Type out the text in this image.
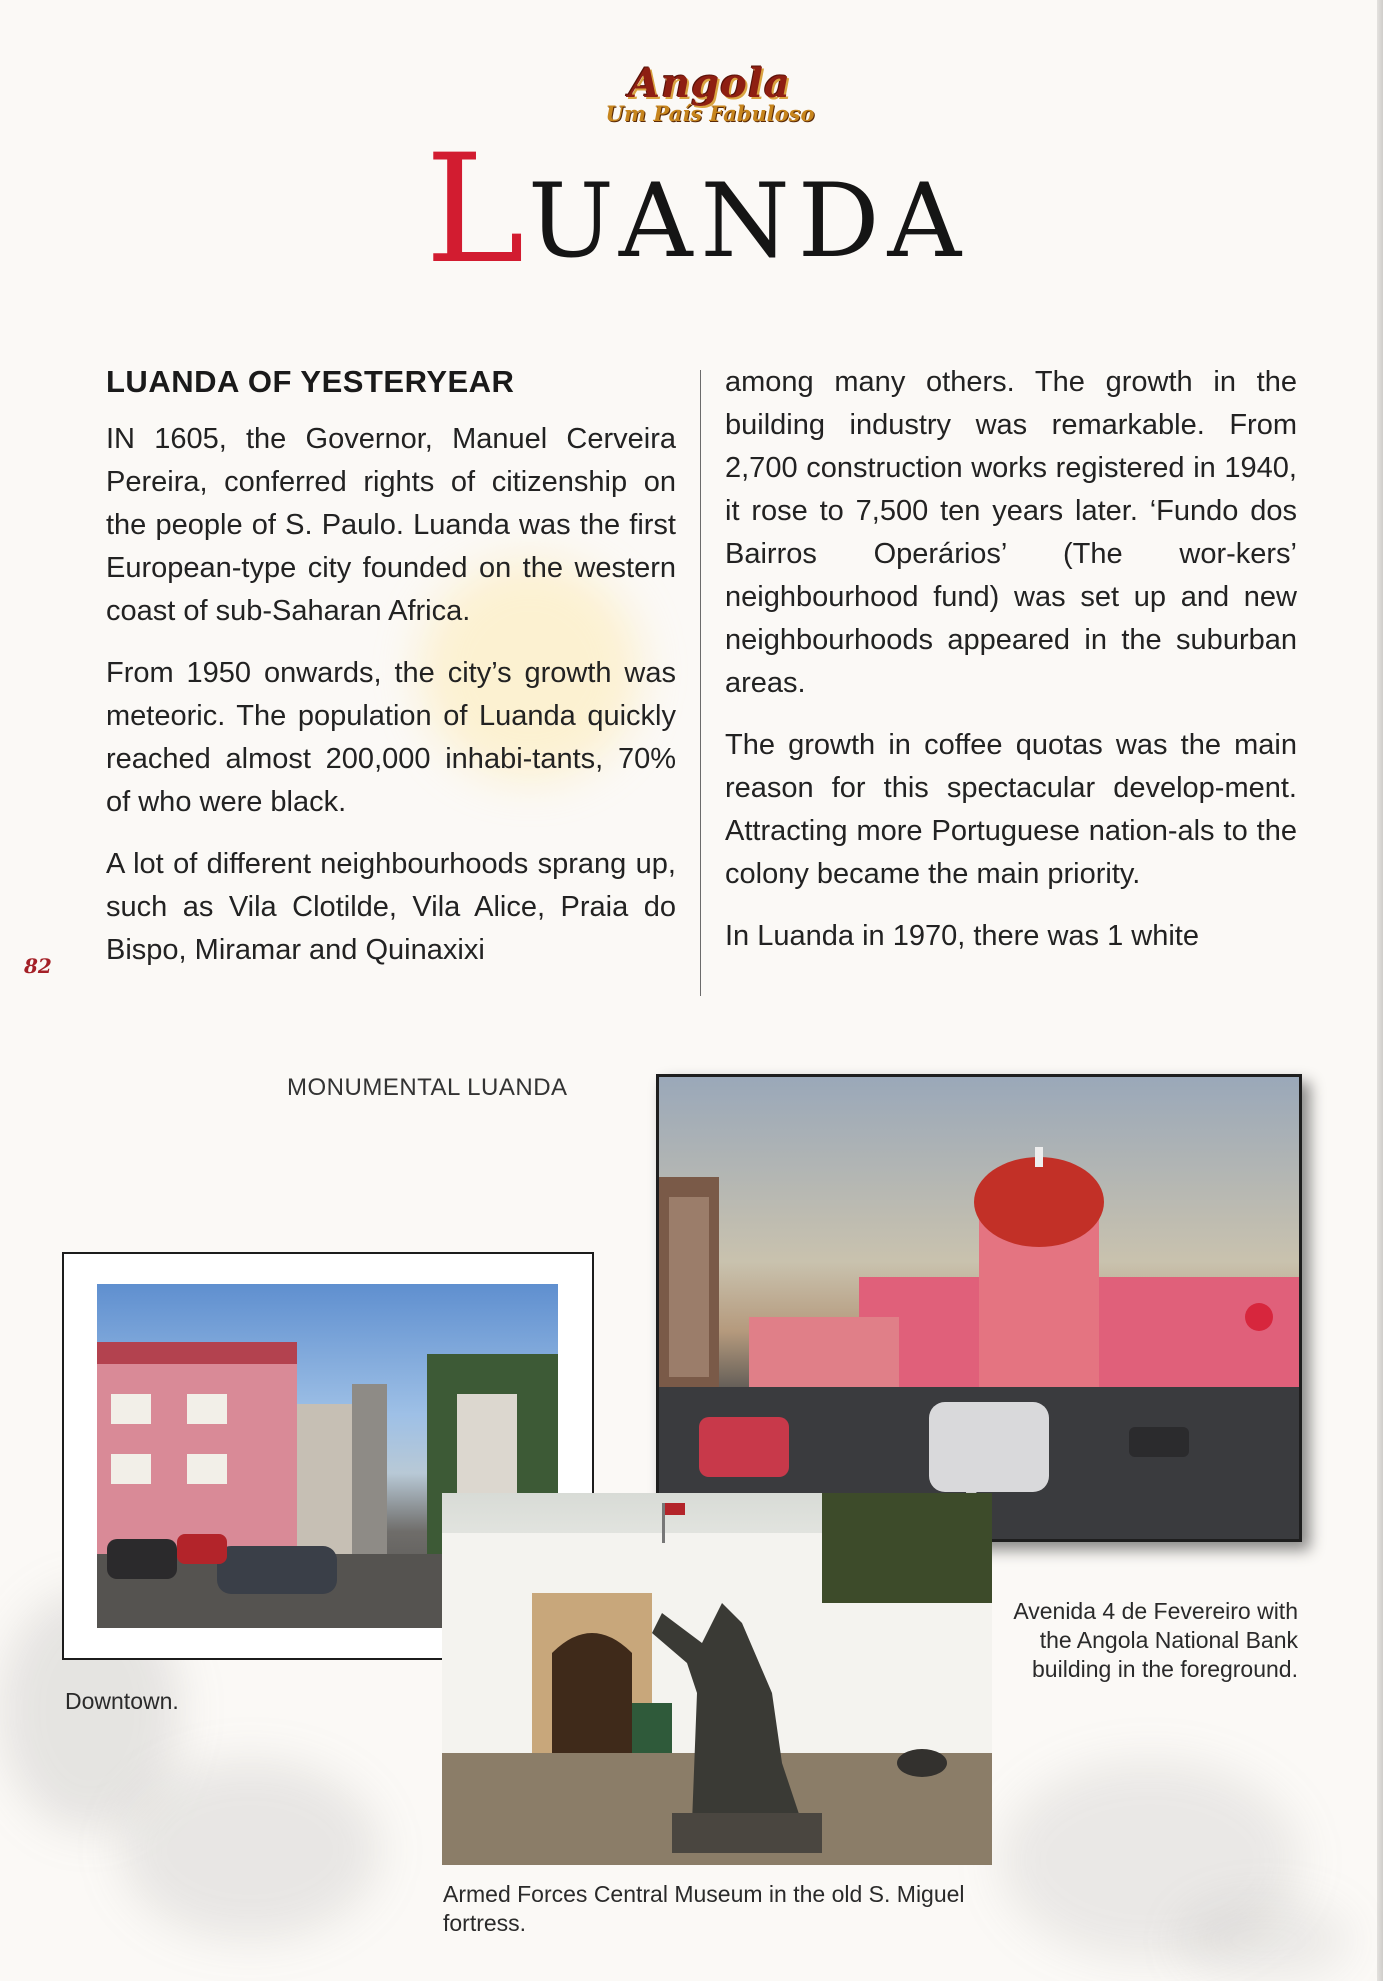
Angola
Um País Fabuloso
L UANDA
LUANDA OF YESTERYEAR

IN 1605, the Governor, Manuel Cerveira Pereira, conferred rights of citizenship on the people of S. Paulo. Luanda was the first European-type city founded on the western coast of sub-Saharan Africa.

From 1950 onwards, the city’s growth was meteoric. The population of Luanda quickly reached almost 200,000 inhabi-tants, 70% of who were black.

A lot of different neighbourhoods sprang up, such as Vila Clotilde, Vila Alice, Praia do Bispo, Miramar and Quinaxixi

among many others. The growth in the building industry was remarkable. From 2,700 construction works registered in 1940, it rose to 7,500 ten years later. ‘Fundo dos Bairros Operários’ (The wor-kers’ neighbourhood fund) was set up and new neighbourhoods appeared in the suburban areas.

The growth in coffee quotas was the main reason for this spectacular develop-ment. Attracting more Portuguese nation-als to the colony became the main priority.

In Luanda in 1970, there was 1 white

82
MONUMENTAL LUANDA
Downtown.
Avenida 4 de Fevereiro with the Angola National Bank building in the foreground.
Armed Forces Central Museum in the old S. Miguel fortress.
